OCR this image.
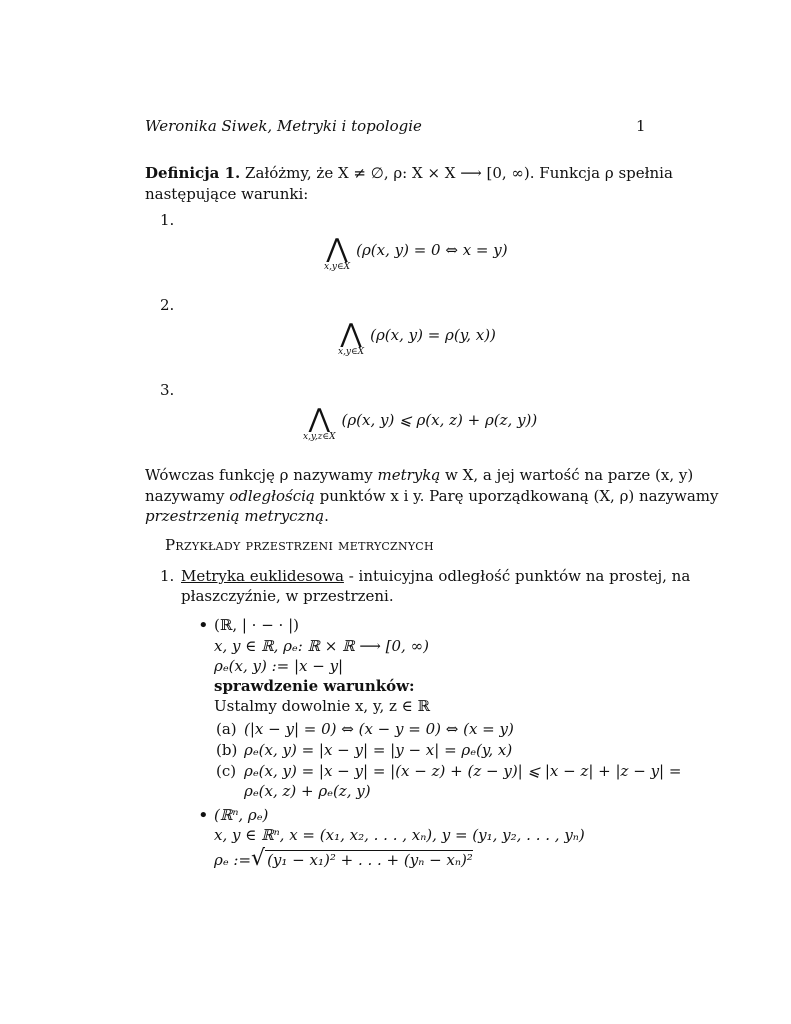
Weronika Siwek, Metryki i topologie	1
Definicja 1. Załóżmy, że X ≠ ∅, ρ: X × X ⟶ [0, ∞). Funkcja ρ spełnia
następujące warunki:
1.
⋀
x,y∈X
(ρ(x, y) = 0 ⇔ x = y)
2.
⋀
x,y∈X
(ρ(x, y) = ρ(y, x))
3.
⋀
x,y,z∈X
(ρ(x, y) ⩽ ρ(x, z) + ρ(z, y))
Wówczas funkcję ρ nazywamy metryką w X, a jej wartość na parze (x, y)
nazywamy odległością punktów x i y. Parę uporządkowaną (X, ρ) nazywamy
przestrzenią metryczną.
Przykłady przestrzeni metrycznych
1. Metryka euklidesowa - intuicyjna odległość punktów na prostej, na
płaszczyźnie, w przestrzeni.
• (ℝ, | · − · |)
x, y ∈ ℝ, ρₑ: ℝ × ℝ ⟶ [0, ∞)
ρₑ(x, y) := |x − y|
sprawdzenie warunków:
Ustalmy dowolnie x, y, z ∈ ℝ
(a) (|x − y| = 0) ⇔ (x − y = 0) ⇔ (x = y)
(b) ρₑ(x, y) = |x − y| = |y − x| = ρₑ(y, x)
(c) ρₑ(x, y) = |x − y| = |(x − z) + (z − y)| ⩽ |x − z| + |z − y| =
ρₑ(x, z) + ρₑ(z, y)
• (ℝⁿ, ρₑ)
x, y ∈ ℝⁿ, x = (x₁, x₂, . . . , xₙ), y = (y₁, y₂, . . . , yₙ)
ρₑ := √ (y₁ − x₁)² + . . . + (yₙ − xₙ)²
